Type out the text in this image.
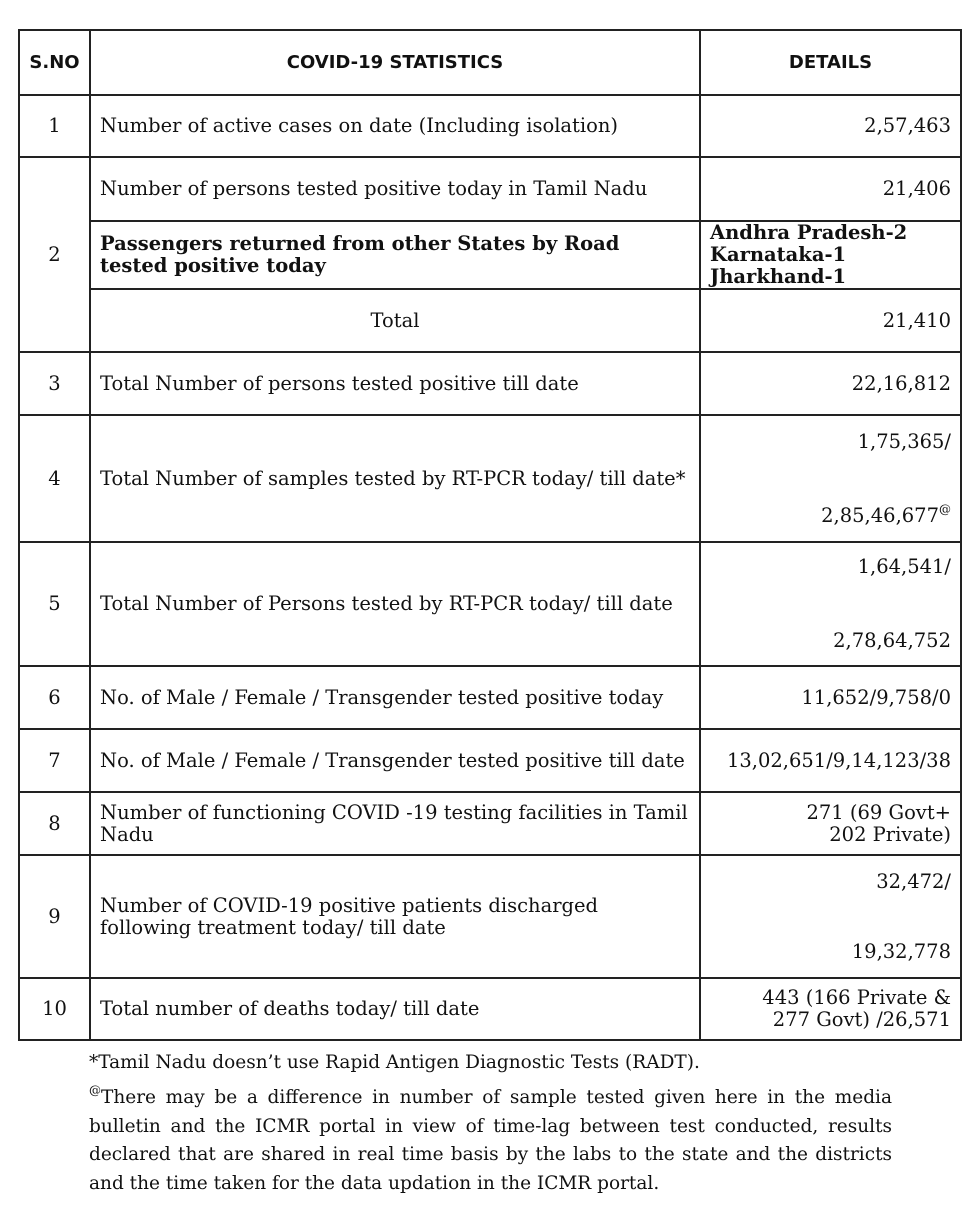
S.NO	COVID-19 STATISTICS	DETAILS
1	Number of active cases on date (Including isolation)	2,57,463
2	Number of persons tested positive today in Tamil Nadu	21,406
	Passengers returned from other States by Road tested positive today	Andhra Pradesh-2
Karnataka-1
Jharkhand-1

	Total	21,410
3	Total Number of persons tested positive till date	22,16,812
4	Total Number of samples tested by RT-PCR today/ till date*	1,75,365/
2,85,46,677@

5	Total Number of Persons tested by RT-PCR today/ till date	1,64,541/
2,78,64,752

6	No. of Male / Female / Transgender tested positive today	11,652/9,758/0
7	No. of Male / Female / Transgender tested positive till date	13,02,651/9,14,123/38
8	Number of functioning COVID -19 testing facilities in Tamil Nadu	271 (69 Govt+
202 Private)

9	Number of COVID-19 positive patients discharged following treatment today/ till date	32,472/
19,32,778

10	Total number of deaths today/ till date	443 (166 Private &
277 Govt) /26,571
*Tamil Nadu doesn’t use Rapid Antigen Diagnostic Tests (RADT).
@There may be a difference in number of sample tested given here in the media bulletin and the ICMR portal in view of time-lag between test conducted, results declared that are shared in real time basis by the labs to the state and the districts and the time taken for the data updation in the ICMR portal.
